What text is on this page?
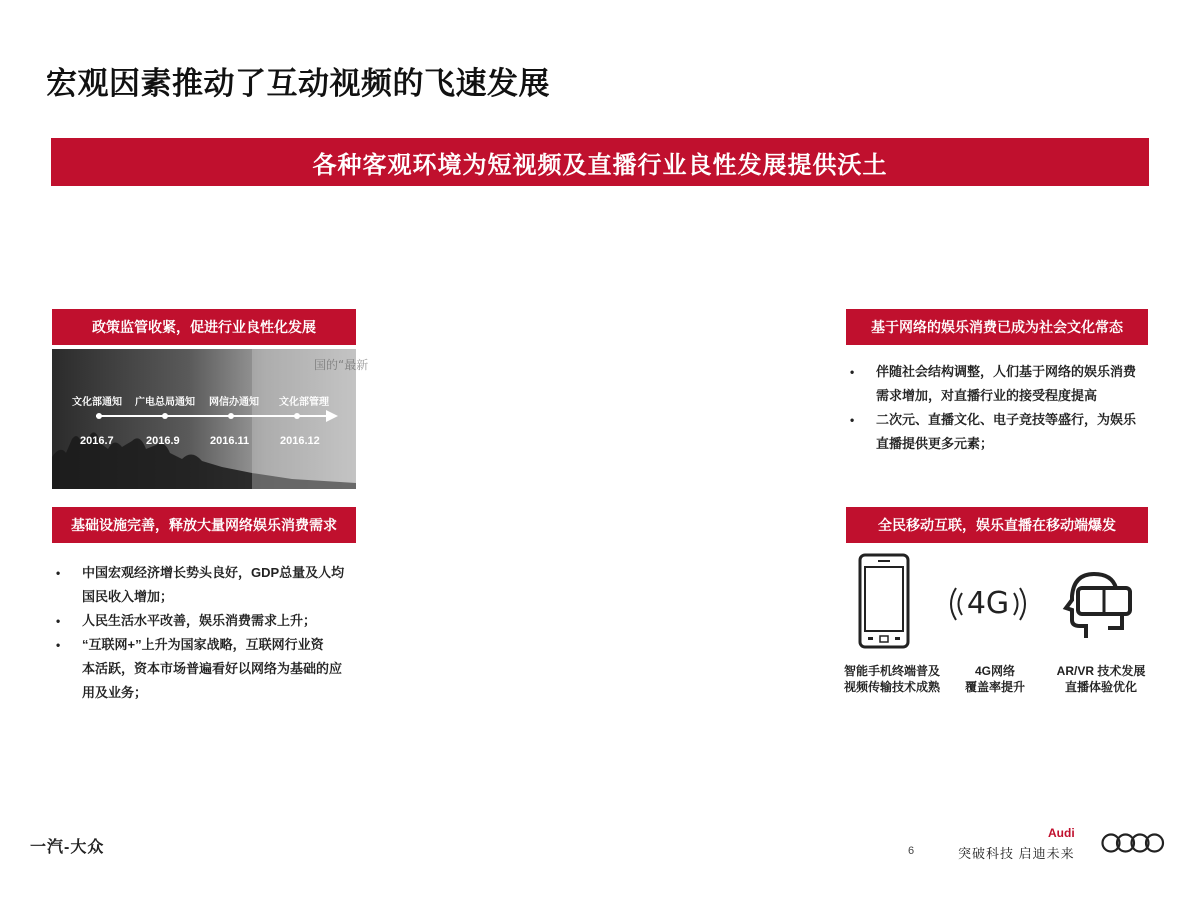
宏观因素推动了互动视频的飞速发展
各种客观环境为短视频及直播行业良性发展提供沃土
政策监管收紧，促进行业良性化发展
国的“最新
文化部通知 广电总局通知 网信办通知 文化部管理
2016.7	2016.9	2016.11	2016.12
基础设施完善，释放大量网络娱乐消费需求
• 中国宏观经济增长势头良好，GDP总量及人均
国民收入增加；
• 人民生活水平改善，娱乐消费需求上升；
• “互联网+”上升为国家战略，互联网行业资
本活跃，资本市场普遍看好以网络为基础的应
用及业务；
基于网络的娱乐消费已成为社会文化常态
• 伴随社会结构调整，人们基于网络的娱乐消费
需求增加，对直播行业的接受程度提高
• 二次元、直播文化、电子竞技等盛行，为娱乐
直播提供更多元素；
全民移动互联，娱乐直播在移动端爆发
4G
智能手机终端普及
视频传输技术成熟
4G网络
覆盖率提升
AR/VR 技术发展
直播体验优化
一汽-大众	6	突破科技 启迪未来
Audi
